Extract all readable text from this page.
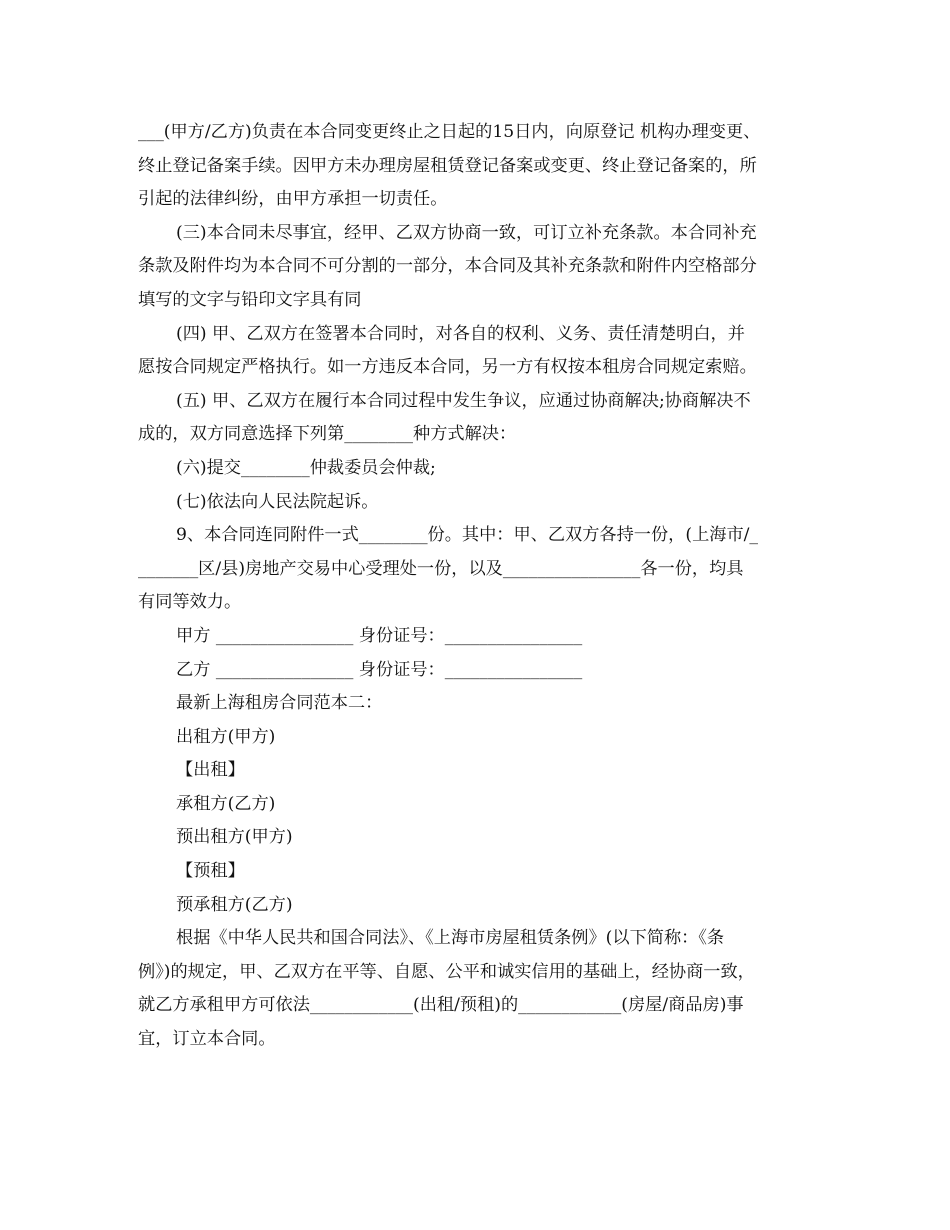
___(甲方/乙方)负责在本合同变更终止之日起的15日内，向原登记 机构办理变更、
终止登记备案手续。因甲方未办理房屋租赁登记备案或变更、终止登记备案的，所
引起的法律纠纷，由甲方承担一切责任。
(三)本合同未尽事宜，经甲、乙双方协商一致，可订立补充条款。本合同补充
条款及附件均为本合同不可分割的一部分，本合同及其补充条款和附件内空格部分
填写的文字与铅印文字具有同
(四) 甲、乙双方在签署本合同时，对各自的权利、义务、责任清楚明白，并
愿按合同规定严格执行。如一方违反本合同，另一方有权按本租房合同规定索赔。
(五) 甲、乙双方在履行本合同过程中发生争议，应通过协商解决;协商解决不
成的，双方同意选择下列第________种方式解决：
(六)提交________仲裁委员会仲裁;
(七)依法向人民法院起诉。
9、本合同连同附件一式________份。其中：甲、乙双方各持一份，(上海市/_
_______区/县)房地产交易中心受理处一份，以及________________各一份，均具
有同等效力。
甲方 ________________ 身份证号：________________
乙方 ________________ 身份证号：________________
最新上海租房合同范本二：
出租方(甲方)
【出租】
承租方(乙方)
预出租方(甲方)
【预租】
预承租方(乙方)
根据《中华人民共和国合同法》、《上海市房屋租赁条例》(以下简称：《条
例》)的规定，甲、乙双方在平等、自愿、公平和诚实信用的基础上，经协商一致，
就乙方承租甲方可依法____________(出租/预租)的____________(房屋/商品房)事
宜，订立本合同。
